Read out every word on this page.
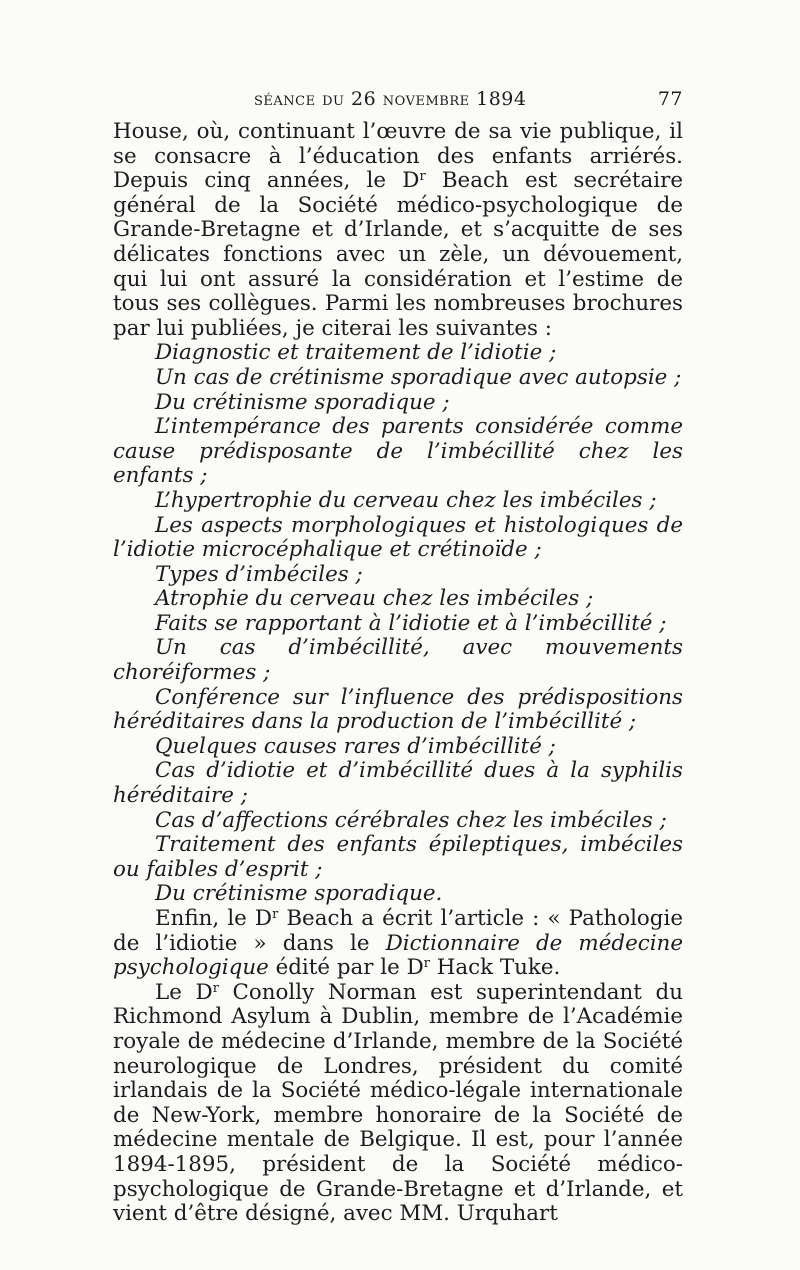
séance du 26 novembre 1894	77

House, où, continuant l’œuvre de sa vie publique, il se consacre à l’éducation des enfants arriérés. Depuis cinq années, le $D^r$ Beach est secrétaire général de la Société médico-psychologique de Grande-Bretagne et d’Irlande, et s’acquitte de ses délicates fonctions avec un zèle, un dévouement, qui lui ont assuré la considération et l’estime de tous ses collègues. Parmi les nombreuses brochures par lui publiées, je citerai les suivantes :

Diagnostic et traitement de l’idiotie ;
Un cas de crétinisme sporadique avec autopsie ;
Du crétinisme sporadique ;
L’intempérance des parents considérée comme cause prédisposante de l’imbécillité chez les enfants ;
L’hypertrophie du cerveau chez les imbéciles ;
Les aspects morphologiques et histologiques de l’idiotie microcéphalique et crétinoïde ;
Types d’imbéciles ;
Atrophie du cerveau chez les imbéciles ;
Faits se rapportant à l’idiotie et à l’imbécillité ;
Un cas d’imbécillité, avec mouvements choréiformes ;
Conférence sur l’influence des prédispositions héréditaires dans la production de l’imbécillité ;
Quelques causes rares d’imbécillité ;
Cas d’idiotie et d’imbécillité dues à la syphilis héréditaire ;
Cas d’affections cérébrales chez les imbéciles ;
Traitement des enfants épileptiques, imbéciles ou faibles d’esprit ;
Du crétinisme sporadique.

Enfin, le $D^r$ Beach a écrit l’article : « Pathologie de l’idiotie » dans le Dictionnaire de médecine psychologique édité par le $D^r$ Hack Tuke.

Le $D^r$ Conolly Norman est superintendant du Richmond Asylum à Dublin, membre de l’Académie royale de médecine d’Irlande, membre de la Société neurologique de Londres, président du comité irlandais de la Société médico-légale internationale de New-York, membre honoraire de la Société de médecine mentale de Belgique. Il est, pour l’année 1894-1895, président de la Société médico-psychologique de Grande-Bretagne et d’Irlande, et vient d’être désigné, avec MM. Urquhart
